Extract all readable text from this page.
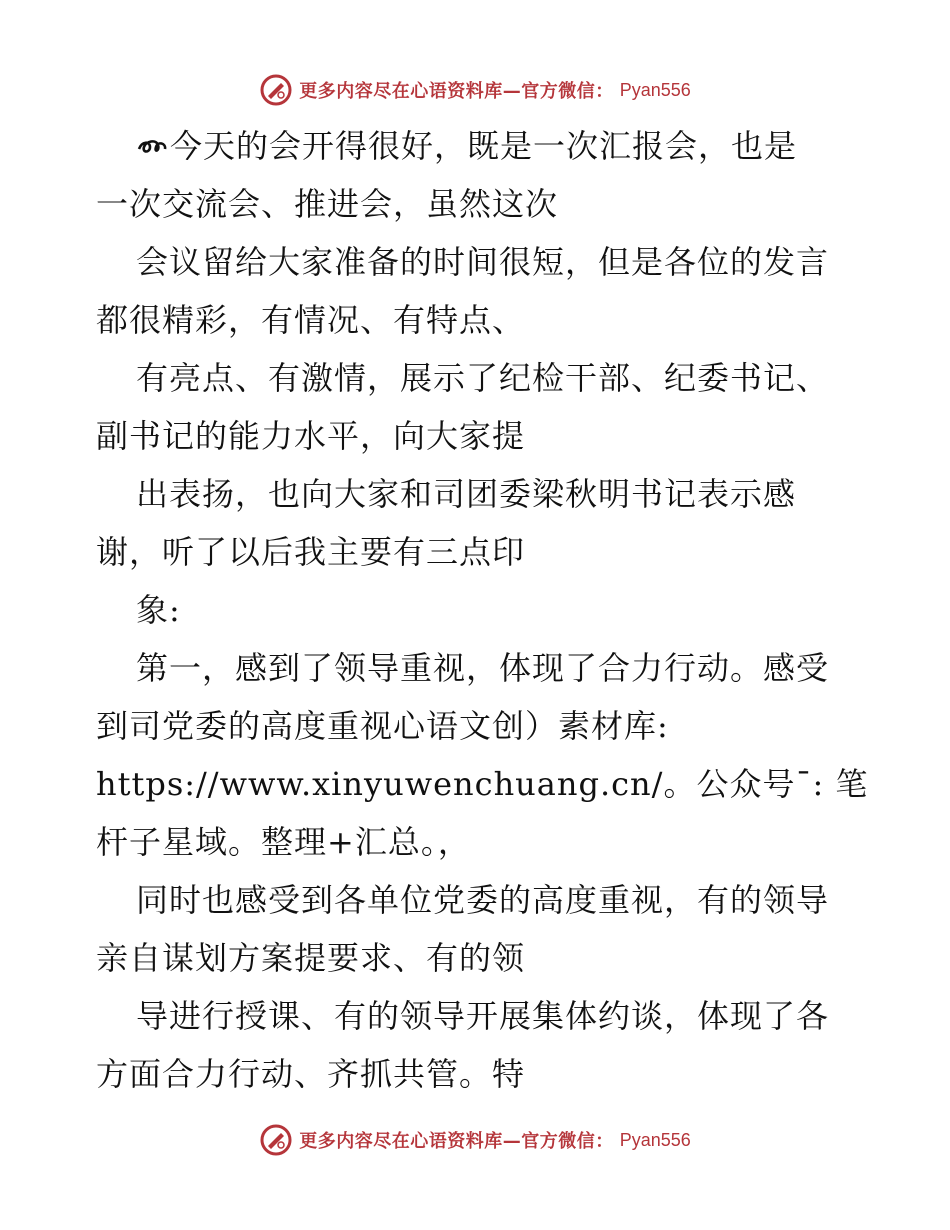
更多内容尽在心语资料库—官方微信： Pyan556
今天的会开得很好，既是一次汇报会，也是
一次交流会、推进会，虽然这次
会议留给大家准备的时间很短，但是各位的发言
都很精彩，有情况、有特点、
有亮点、有激情，展示了纪检干部、纪委书记、
副书记的能力水平，向大家提
出表扬，也向大家和司团委梁秋明书记表示感
谢，听了以后我主要有三点印
象:
第一，感到了领导重视，体现了合力行动。感受
到司党委的高度重视心语文创）素材库:
https://www.xinyuwenchuang.cn/。公众号¯: 笔
杆子星域。整理+汇总。，
同时也感受到各单位党委的高度重视，有的领导
亲自谋划方案提要求、有的领
导进行授课、有的领导开展集体约谈，体现了各
方面合力行动、齐抓共管。特
更多内容尽在心语资料库—官方微信： Pyan556
